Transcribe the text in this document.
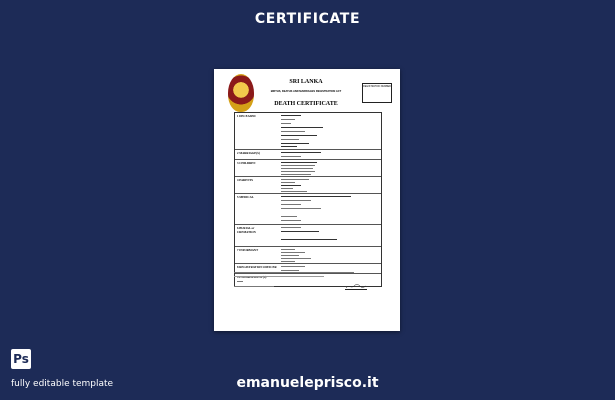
CERTIFICATE
SRI LANKA
BIRTHS, DEATHS AND MARRIAGES REGISTRATION ACT
DEATH CERTIFICATE
REGISTRATION NUMBER
1 DECEASED
2 MARRIAGE(S)
3 CHILDREN
4 PARENTS
5 MEDICAL
6 BURIAL or CREMATION
7 INFORMANT
8 REGISTRATION OFFICER
Ps
fully editable template	emanueleprisco.it
